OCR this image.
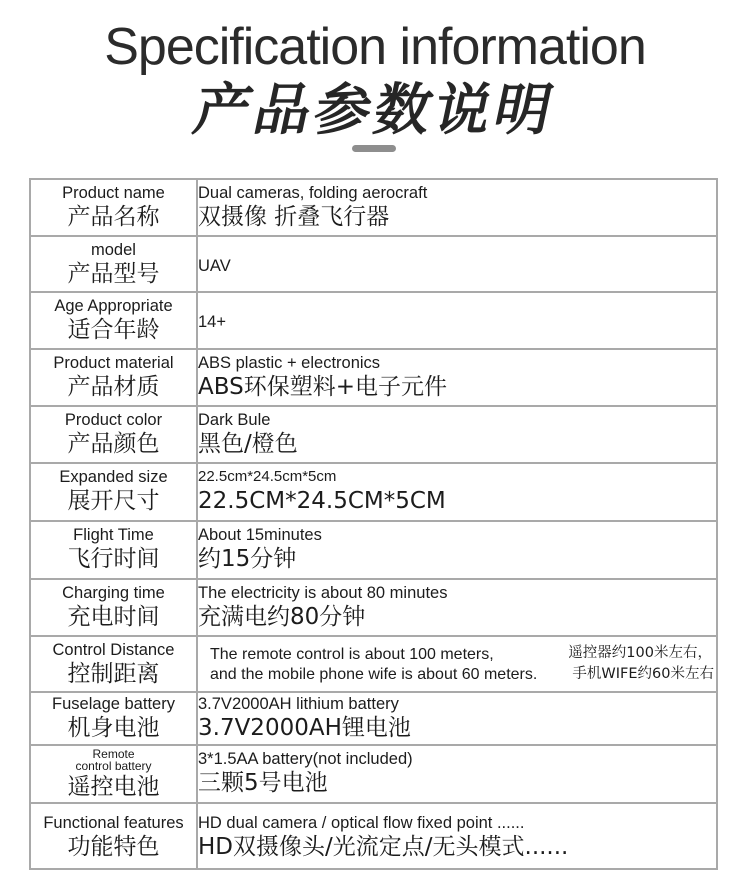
Specification information
产品参数说明
Product name
产品名称	Dual cameras, folding aerocraft
双摄像 折叠飞行器

model
产品型号	UAV

Age Appropriate
适合年龄	14+

Product material
产品材质	ABS plastic + electronics
ABS环保塑料+电子元件

Product color
产品颜色	Dark Bule
黑色/橙色

Expanded size
展开尺寸	22.5cm*24.5cm*5cm
22.5CM*24.5CM*5CM

Flight Time
飞行时间	About 15minutes
约15分钟

Charging time
充电时间	The electricity is about 80 minutes
充满电约80分钟

Control Distance
控制距离	The remote control is about 100 meters,
and the mobile phone wife is about 60 meters.
遥控器约100米左右，
手机WIFE约60米左右

Fuselage battery
机身电池	3.7V2000AH lithium battery
3.7V2000AH锂电池

Remote
control battery
遥控电池	3*1.5AA battery(not included)
三颗5号电池

Functional features
功能特色	HD dual camera / optical flow fixed point ......
HD双摄像头/光流定点/无头模式......
